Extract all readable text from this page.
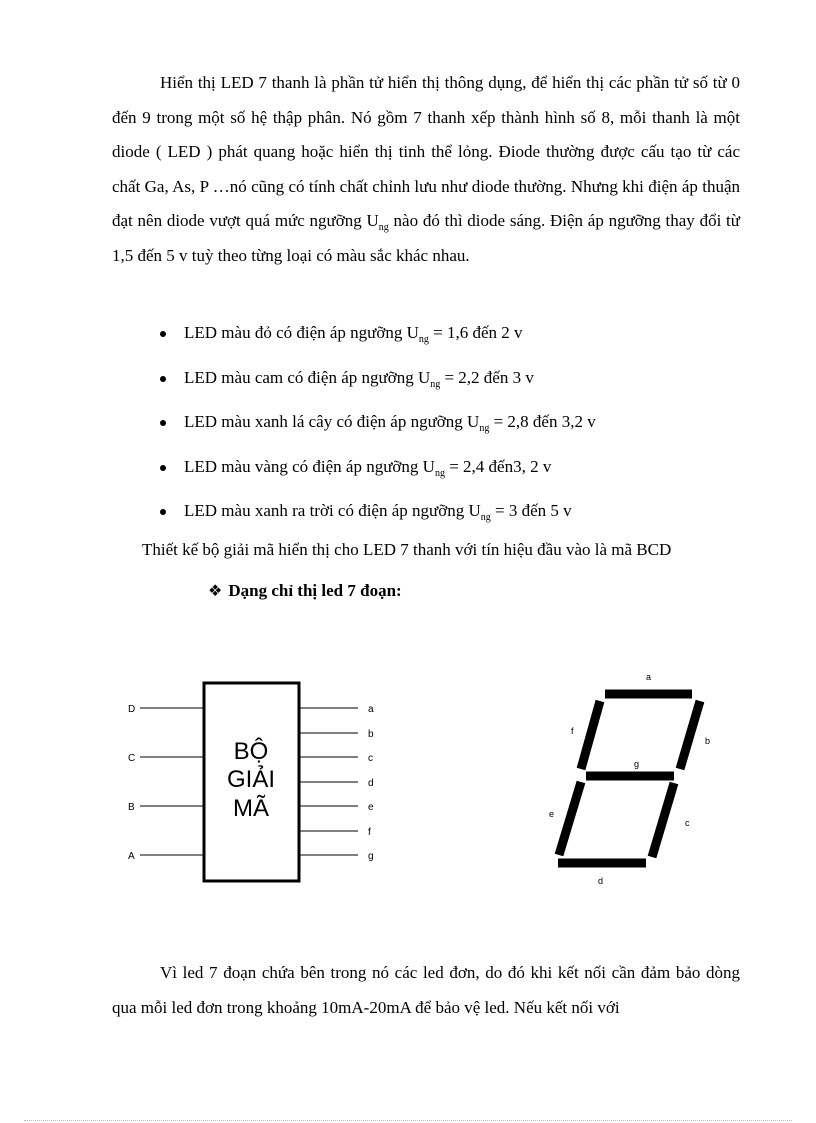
Hiển thị LED 7 thanh là phần tử hiển thị thông dụng, để hiển thị các phần tử số từ 0 đến 9 trong một số hệ thập phân. Nó gồm 7 thanh xếp thành hình số 8, mỗi thanh là một diode ( LED ) phát quang hoặc hiển thị tinh thể lỏng. Điode thường được cấu tạo từ các chất Ga, As, P …nó cũng có tính chất chỉnh lưu như diode thường. Nhưng khi điện áp thuận đạt nên diode vượt quá mức ngưỡng $U_{ng}$ nào đó thì diode sáng. Điện áp ngưỡng thay đổi từ 1,5 đến 5 v tuỳ theo từng loại có màu sắc khác nhau.

LED màu đỏ có điện áp ngưỡng $U_{ng} = 1,6$ đến 2 v
LED màu cam có điện áp ngưỡng $U_{ng} = 2,2$ đến 3 v
LED màu xanh lá cây có điện áp ngưỡng $U_{ng} = 2,8$ đến 3,2 v
LED màu vàng có điện áp ngưỡng $U_{ng} = 2,4$ đến3, 2 v
LED màu xanh ra trời có điện áp ngưỡng $U_{ng} = 3$ đến 5 v

Thiết kế bộ giải mã hiển thị cho LED 7 thanh với tín hiệu đầu vào là mã BCD

❖ Dạng chỉ thị led 7 đoạn:
BỘ
GIẢI
MÃ
D
C
B
A
a
b
c
d
e
f
g
a
b
c
d
e
f
g

Vì led 7 đoạn chứa bên trong nó các led đơn, do đó khi kết nối cần đảm bảo dòng qua mỗi led đơn trong khoảng 10mA-20mA để bảo vệ led. Nếu kết nối với
